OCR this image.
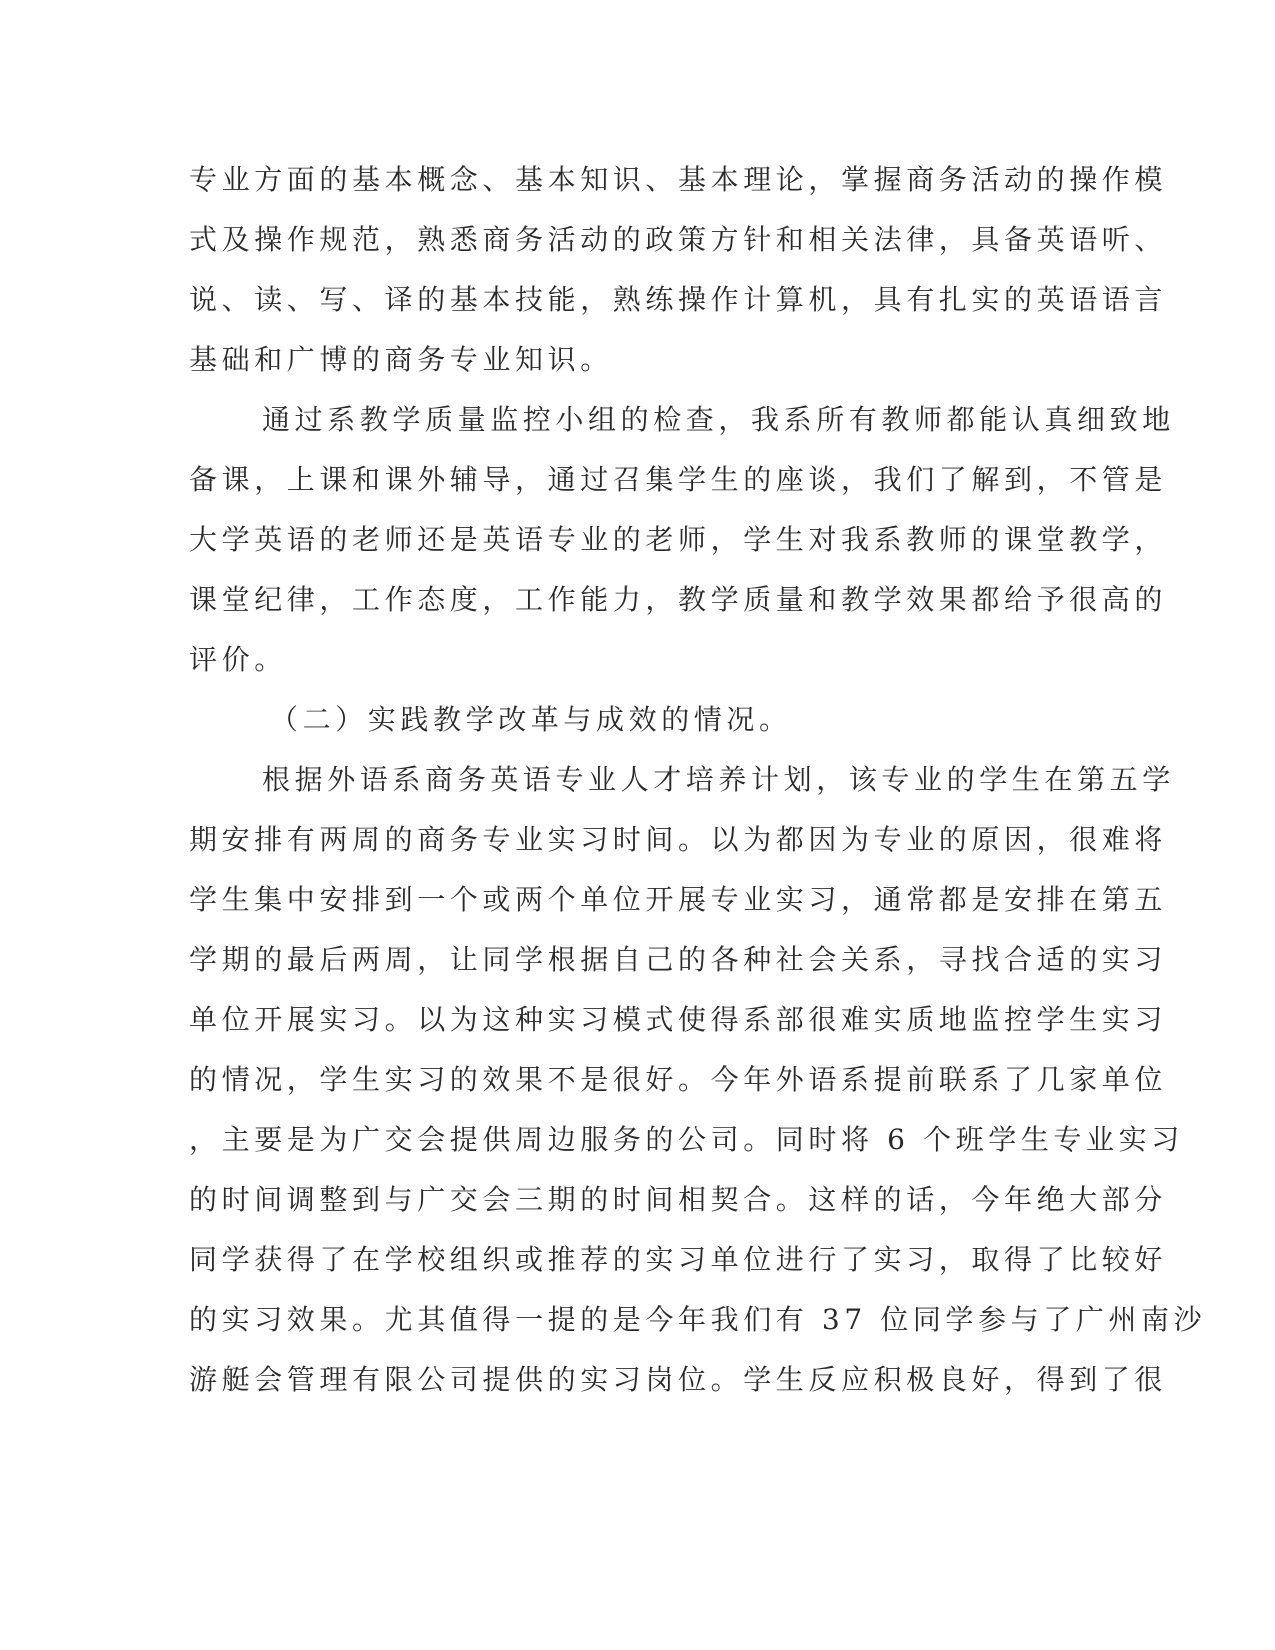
专业方面的基本概念、基本知识、基本理论，掌握商务活动的操作模
式及操作规范，熟悉商务活动的政策方针和相关法律，具备英语听、
说、读、写、译的基本技能，熟练操作计算机，具有扎实的英语语言
基础和广博的商务专业知识。
通过系教学质量监控小组的检查，我系所有教师都能认真细致地
备课，上课和课外辅导，通过召集学生的座谈，我们了解到，不管是
大学英语的老师还是英语专业的老师，学生对我系教师的课堂教学，
课堂纪律，工作态度，工作能力，教学质量和教学效果都给予很高的
评价。
（二）实践教学改革与成效的情况。
根据外语系商务英语专业人才培养计划，该专业的学生在第五学
期安排有两周的商务专业实习时间。以为都因为专业的原因，很难将
学生集中安排到一个或两个单位开展专业实习，通常都是安排在第五
学期的最后两周，让同学根据自己的各种社会关系，寻找合适的实习
单位开展实习。以为这种实习模式使得系部很难实质地监控学生实习
的情况，学生实习的效果不是很好。今年外语系提前联系了几家单位
，主要是为广交会提供周边服务的公司。同时将 6 个班学生专业实习
的时间调整到与广交会三期的时间相契合。这样的话，今年绝大部分
同学获得了在学校组织或推荐的实习单位进行了实习，取得了比较好
的实习效果。尤其值得一提的是今年我们有 37 位同学参与了广州南沙
游艇会管理有限公司提供的实习岗位。学生反应积极良好，得到了很
